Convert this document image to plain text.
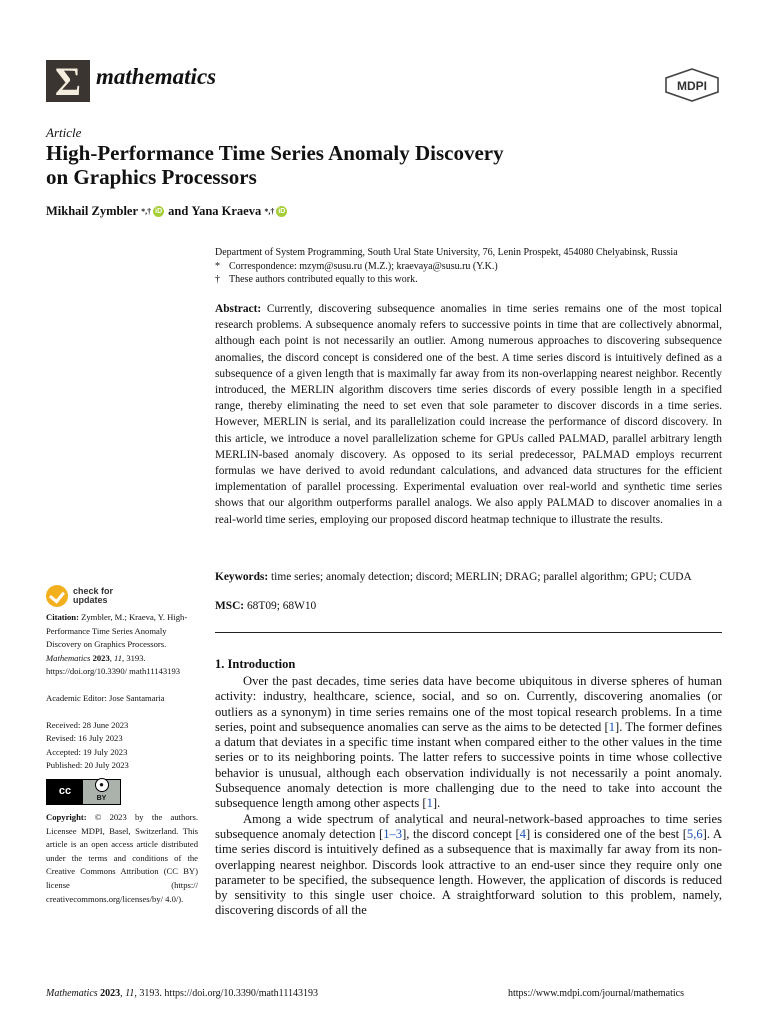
Σ mathematics	MDPI
Article
High-Performance Time Series Anomaly Discovery
on Graphics Processors
Mikhail Zymbler
*,† iD and
Yana Kraeva
*,† iD
Department of System Programming, South Ural State University, 76, Lenin Prospekt, 454080 Chelyabinsk, Russia
* Correspondence: mzym@susu.ru (M.Z.); kraevaya@susu.ru (Y.K.)
† These authors contributed equally to this work.
Abstract: Currently, discovering subsequence anomalies in time series remains one of the most topical research problems. A subsequence anomaly refers to successive points in time that are collectively abnormal, although each point is not necessarily an outlier. Among numerous approaches to discovering subsequence anomalies, the discord concept is considered one of the best. A time series discord is intuitively defined as a subsequence of a given length that is maximally far away from its non-overlapping nearest neighbor. Recently introduced, the MERLIN algorithm discovers time series discords of every possible length in a specified range, thereby eliminating the need to set even that sole parameter to discover discords in a time series. However, MERLIN is serial, and its parallelization could increase the performance of discord discovery. In this article, we introduce a novel parallelization scheme for GPUs called PALMAD, parallel arbitrary length MERLIN-based anomaly discovery. As opposed to its serial predecessor, PALMAD employs recurrent formulas we have derived to avoid redundant calculations, and advanced data structures for the efficient implementation of parallel processing. Experimental evaluation over real-world and synthetic time series shows that our algorithm outperforms parallel analogs. We also apply PALMAD to discover anomalies in a real-world time series, employing our proposed discord heatmap technique to illustrate the results.
Keywords: time series; anomaly detection; discord; MERLIN; DRAG; parallel algorithm; GPU; CUDA
MSC: 68T09; 68W10
check for
updates

Citation: Zymbler, M.; Kraeva, Y. High-Performance Time Series Anomaly Discovery on Graphics Processors. Mathematics 2023, 11, 3193. https://doi.org/10.3390/ math11143193

Academic Editor: Jose Santamaria

Received: 28 June 2023

Revised: 16 July 2023

Accepted: 19 July 2023

Published: 20 July 2023

cc
●
BY

Copyright: © 2023 by the authors. Licensee MDPI, Basel, Switzerland. This article is an open access article distributed under the terms and conditions of the Creative Commons Attribution (CC BY) license (https:// creativecommons.org/licenses/by/ 4.0/).

1. Introduction

Over the past decades, time series data have become ubiquitous in diverse spheres of human activity: industry, healthcare, science, social, and so on. Currently, discovering anomalies (or outliers as a synonym) in time series remains one of the most topical research problems. In a time series, point and subsequence anomalies can serve as the aims to be detected [1]. The former defines a datum that deviates in a specific time instant when compared either to the other values in the time series or to its neighboring points. The latter refers to successive points in time whose collective behavior is unusual, although each observation individually is not necessarily a point anomaly. Subsequence anomaly detection is more challenging due to the need to take into account the subsequence length among other aspects [1].

Among a wide spectrum of analytical and neural-network-based approaches to time series subsequence anomaly detection [1–3], the discord concept [4] is considered one of the best [5,6]. A time series discord is intuitively defined as a subsequence that is maximally far away from its non-overlapping nearest neighbor. Discords look attractive to an end-user since they require only one parameter to be specified, the subsequence length. However, the application of discords is reduced by sensitivity to this single user choice. A straightforward solution to this problem, namely, discovering discords of all the

Mathematics 2023, 11, 3193. https://doi.org/10.3390/math11143193	https://www.mdpi.com/journal/mathematics
